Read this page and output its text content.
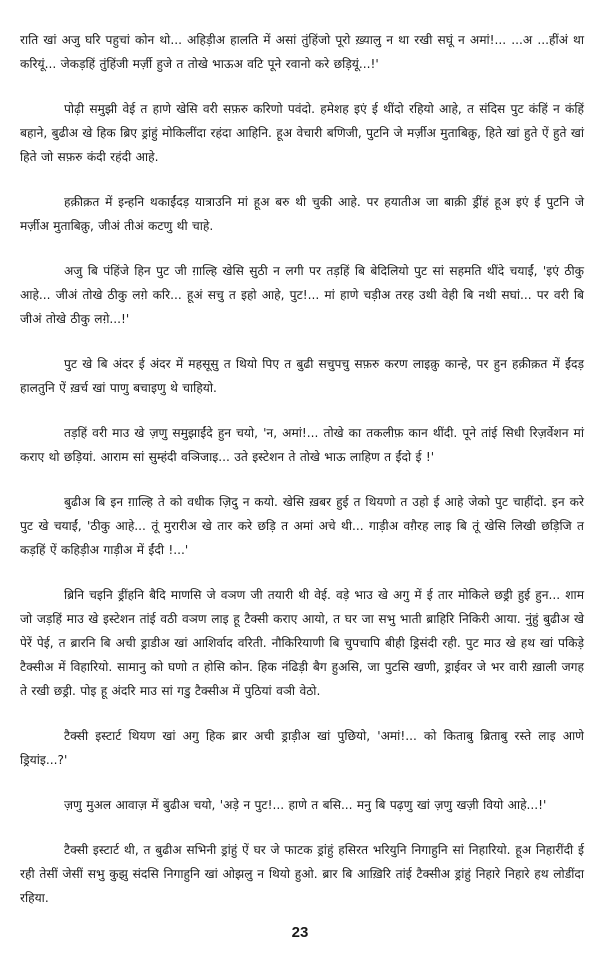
राति खां अजु घरि पहुचां कोन थो... अहिड़ीअ हालति में असां तुंहिंजो पूरो ख़्यालु न था रखी सघूं न अमां!... ...अ ...हींअं था करियूं... जेकड़हिं तुंहिंजी मर्ज़ी हुजे त तोखे भाऊअ वटि पूने रवानो करे छड़ियूं...!'

पोढ़ी समुझी वेई त हाणे खेसि वरी सफ़रु करिणो पवंदो. हमेशह इएं ई थींदो रहियो आहे, त संदिस पुट कंहिं न कंहिं बहाने, बुढीअ खे हिक ब्रिए ड्रांहुं मोकिलींदा रहंदा आहिनि. हूअ वेचारी बणिजी, पुटनि जे मर्ज़ीअ मुताबिक़ु, हिते खां हुते ऐं हुते खां हिते जो सफ़रु कंदी रहंदी आहे.

हक़ीक़त में इन्हनि थकाईंदड़ यात्राउनि मां हूअ बरु थी चुकी आहे. पर हयातीअ जा बाक़ी ड्रींहं हूअ इएं ई पुटनि जे मर्ज़ीअ मुताबिक़ु, जीअं तीअं कटणु थी चाहे.

अजु बि पंहिंजे हिन पुट जी ग़ाल्हि खेसि सुठी न लगी पर तड़हिं बि बेदिलियो पुट सां सहमति थींदे चयाईं, 'इएं ठीकु आहे... जीअं तोखे ठीकु लग़े करि... हूअं सचु त इहो आहे, पुट!... मां हाणे चड़ीअ तरह उथी वेही बि नथी सघां... पर वरी बि जीअं तोखे ठीकु लग़े...!'

पुट खे बि अंदर ई अंदर में महसूसु त थियो पिए त बुढी सचुपचु सफ़रु करण लाइक़ु कान्हे, पर हुन हक़ीक़त में ईंदड़ हालतुनि ऐं ख़र्च खां पाणु बचाइणु थे चाहियो.

तड़हिं वरी माउ खे ज़णु समुझाईंदे हुन चयो, 'न, अमां!... तोखे का तकलीफ़ कान थींदी. पूने तांई सिधी रिज़र्वेशन मां कराए थो छड़ियां. आराम सां सुम्हंदी वञिजाइ... उते इस्टेशन ते तोखे भाऊ लाहिण त ईंदो ई !'

बुढीअ बि इन ग़ाल्हि ते को वधीक ज़िदु न कयो. खेसि ख़बर हुई त थियणो त उहो ई आहे जेको पुट चाहींदो. इन करे पुट खे चयाईं, 'ठीकु आहे... तूं मुरारीअ खे तार करे छड़ि त अमां अचे थी... गाड़ीअ वग़ैरह लाइ बि तूं खेसि लिखी छड़िजि त कड़हिं ऐं कहिड़ीअ गाड़ीअ में ईंदी !...'

ब्रिनि चइनि ड्रींहनि बैदि माणसि जे वञण जी तयारी थी वेई. वड़े भाउ खे अगु में ई तार मोकिले छड्री हुई हुन... शाम जो जड़हिं माउ खे इस्टेशन तांई वठी वञण लाइ हू टैक्सी कराए आयो, त घर जा सभु भाती ब्राहिरि निकिरी आया. नुंहुं बुढीअ खे पेरें पेई, त ब्रारनि बि अची ड्राडीअ खां आशिर्वाद वरिती. नौकिरियाणी बि चुपचापि बीही ड्रिसंदी रही. पुट माउ खे हथ खां पकिड़े टैक्सीअ में विहारियो. सामानु को घणो त होसि कोन. हिक नंढिड़ी बैग हुअसि, जा पुटसि खणी, ड्राईवर जे भर वारी ख़ाली जगह ते रखी छड्री. पोइ हू अंदरि माउ सां गडु टैक्सीअ में पुठियां वञी वेठो.

टैक्सी इस्टार्ट थियण खां अगु हिक ब्रार अची ड्राड़ीअ खां पुछियो, 'अमां!... को किताबु ब्रिताबु रस्ते लाइ आणे ड्रियांइ...?'

ज़णु मुअल आवाज़ में बुढीअ चयो, 'अड़े न पुट!... हाणे त बसि... मनु बि पढ़णु खां ज़णु खज़ी वियो आहे...!'

टैक्सी इस्टार्ट थी, त बुढीअ सभिनी ड्रांहुं ऐं घर जे फाटक ड्रांहुं हसिरत भरियुनि निगाहुनि सां निहारियो. हूअ निहारींदी ई रही तेसीं जेसीं सभु कुझु संदसि निगाहुनि खां ओझलु न थियो हुओ. ब्रार बि आख़िरि तांई टैक्सीअ ड्रांहुं निहारे निहारे हथ लोडींदा रहिया.

23
